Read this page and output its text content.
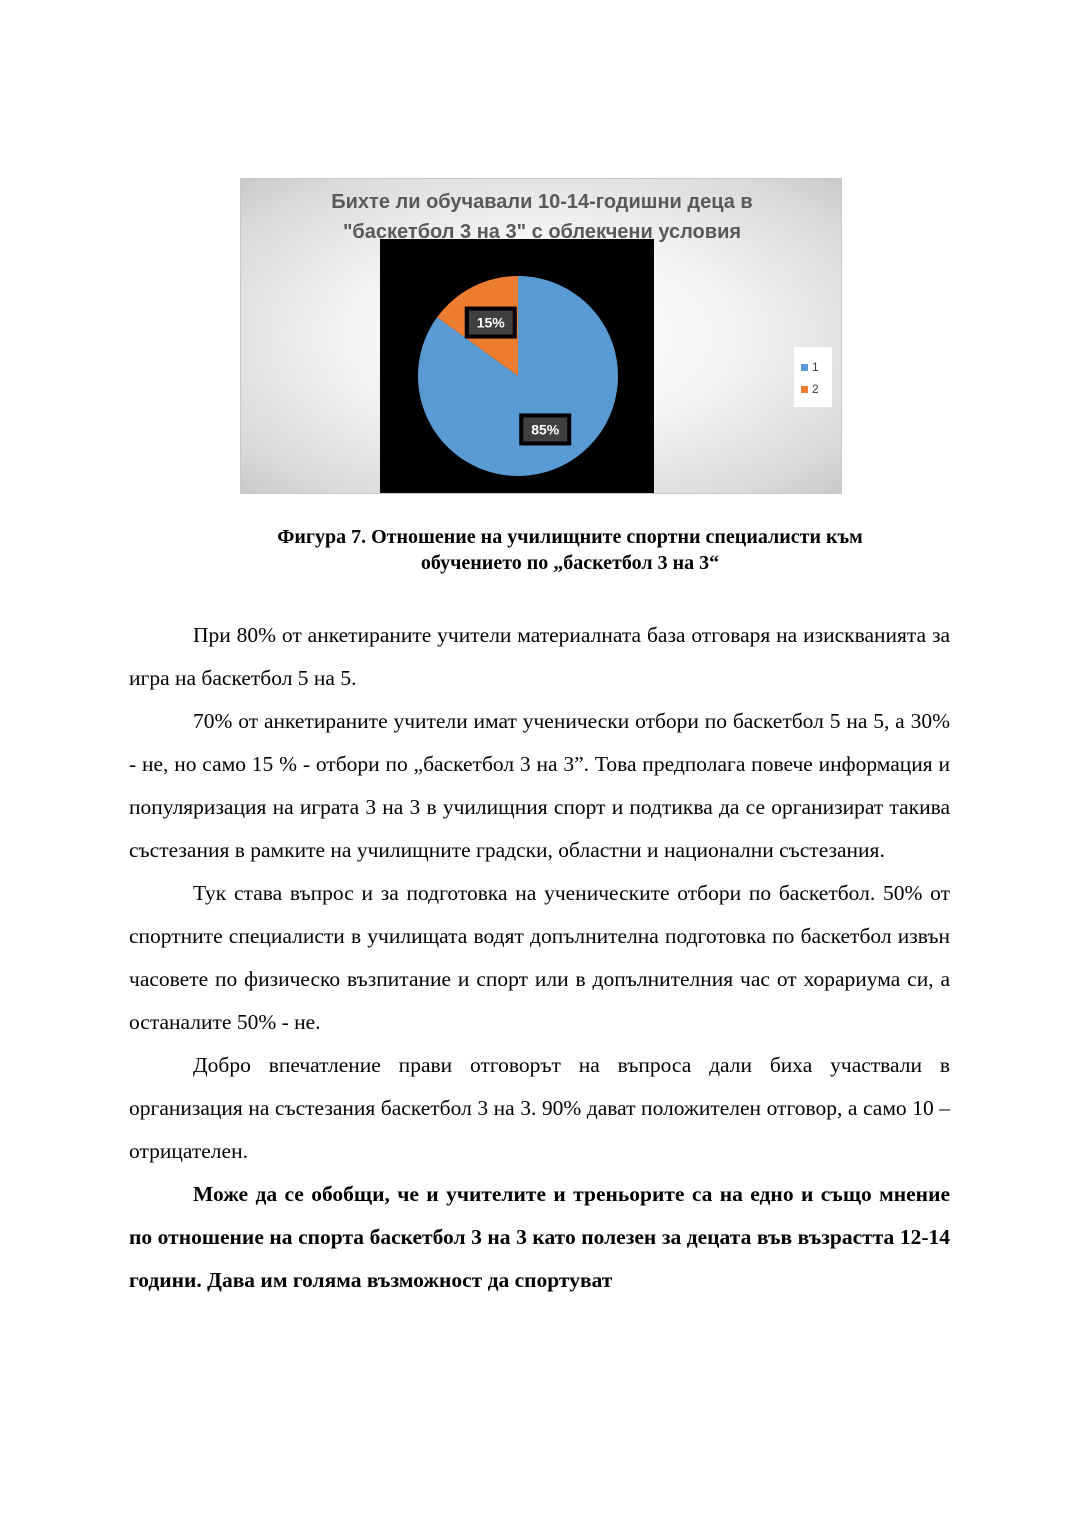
85%
15%
Бихте ли обучавали 10-14-годишни деца в
"баскетбол 3 на 3" с облекчени условия
1
2
Фигура 7. Отношение на училищните спортни специалисти към
обучението по „баскетбол 3 на 3“

При 80% от анкетираните учители материалната база отговаря на изискванията за игра на баскетбол 5 на 5.

70% от анкетираните учители имат ученически отбори по баскетбол 5 на 5, а 30% - не, но само 15 % - отбори по „баскетбол 3 на 3”. Това предполага повече информация и популяризация на играта 3 на 3 в училищния спорт и подтиква да се организират такива състезания в рамките на училищните градски, областни и национални състезания.

Тук става въпрос и за подготовка на ученическите отбори по баскетбол. 50% от спортните специалисти в училищата водят допълнителна подготовка по баскетбол извън часовете по физическо възпитание и спорт или в допълнителния час от хорариума си, а останалите 50% - не.

Добро впечатление прави отговорът на въпроса дали биха участвали в организация на състезания баскетбол 3 на 3. 90% дават положителен отговор, а само 10 – отрицателен.

Може да се обобщи, че и учителите и треньорите са на едно и също мнение по отношение на спорта баскетбол 3 на 3 като полезен за децата във възрастта 12-14 години. Дава им голяма възможност да спортуват
